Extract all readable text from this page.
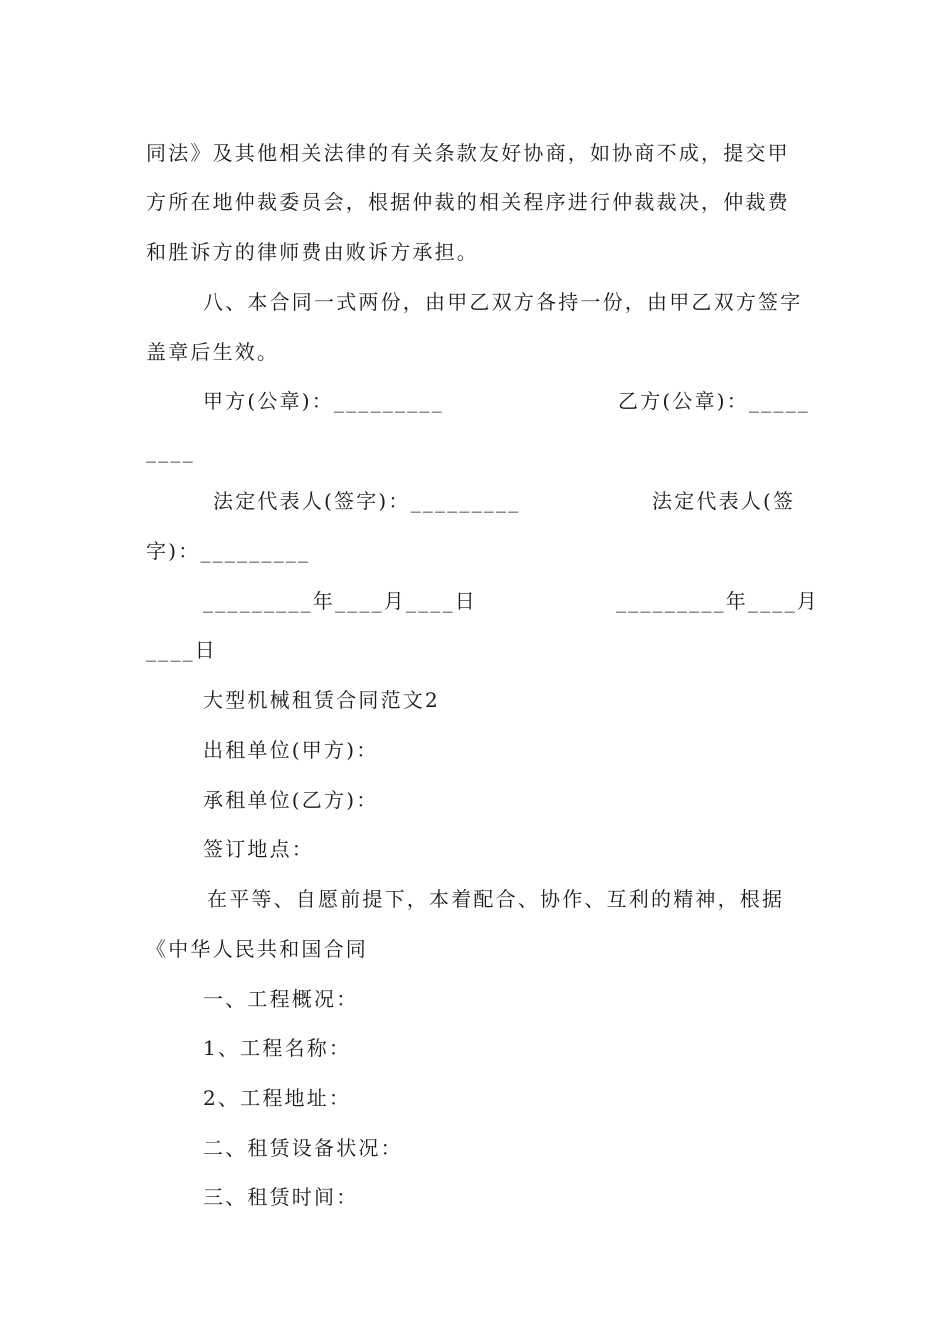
同法》及其他相关法律的有关条款友好协商，如协商不成，提交甲
方所在地仲裁委员会，根据仲裁的相关程序进行仲裁裁决，仲裁费
和胜诉方的律师费由败诉方承担。
八、本合同一式两份，由甲乙双方各持一份，由甲乙双方签字
盖章后生效。
甲方(公章)：_________	乙方(公章)：_____
____
法定代表人(签字)：_________	法定代表人(签
字)：_________
_________年____月____日	_________年____月
____日
大型机械租赁合同范文2
出租单位(甲方)：
承租单位(乙方)：
签订地点：
在平等、自愿前提下，本着配合、协作、互利的精神，根据
《中华人民共和国合同
一、工程概况：
1、工程名称：
2、工程地址：
二、租赁设备状况：
三、租赁时间：
